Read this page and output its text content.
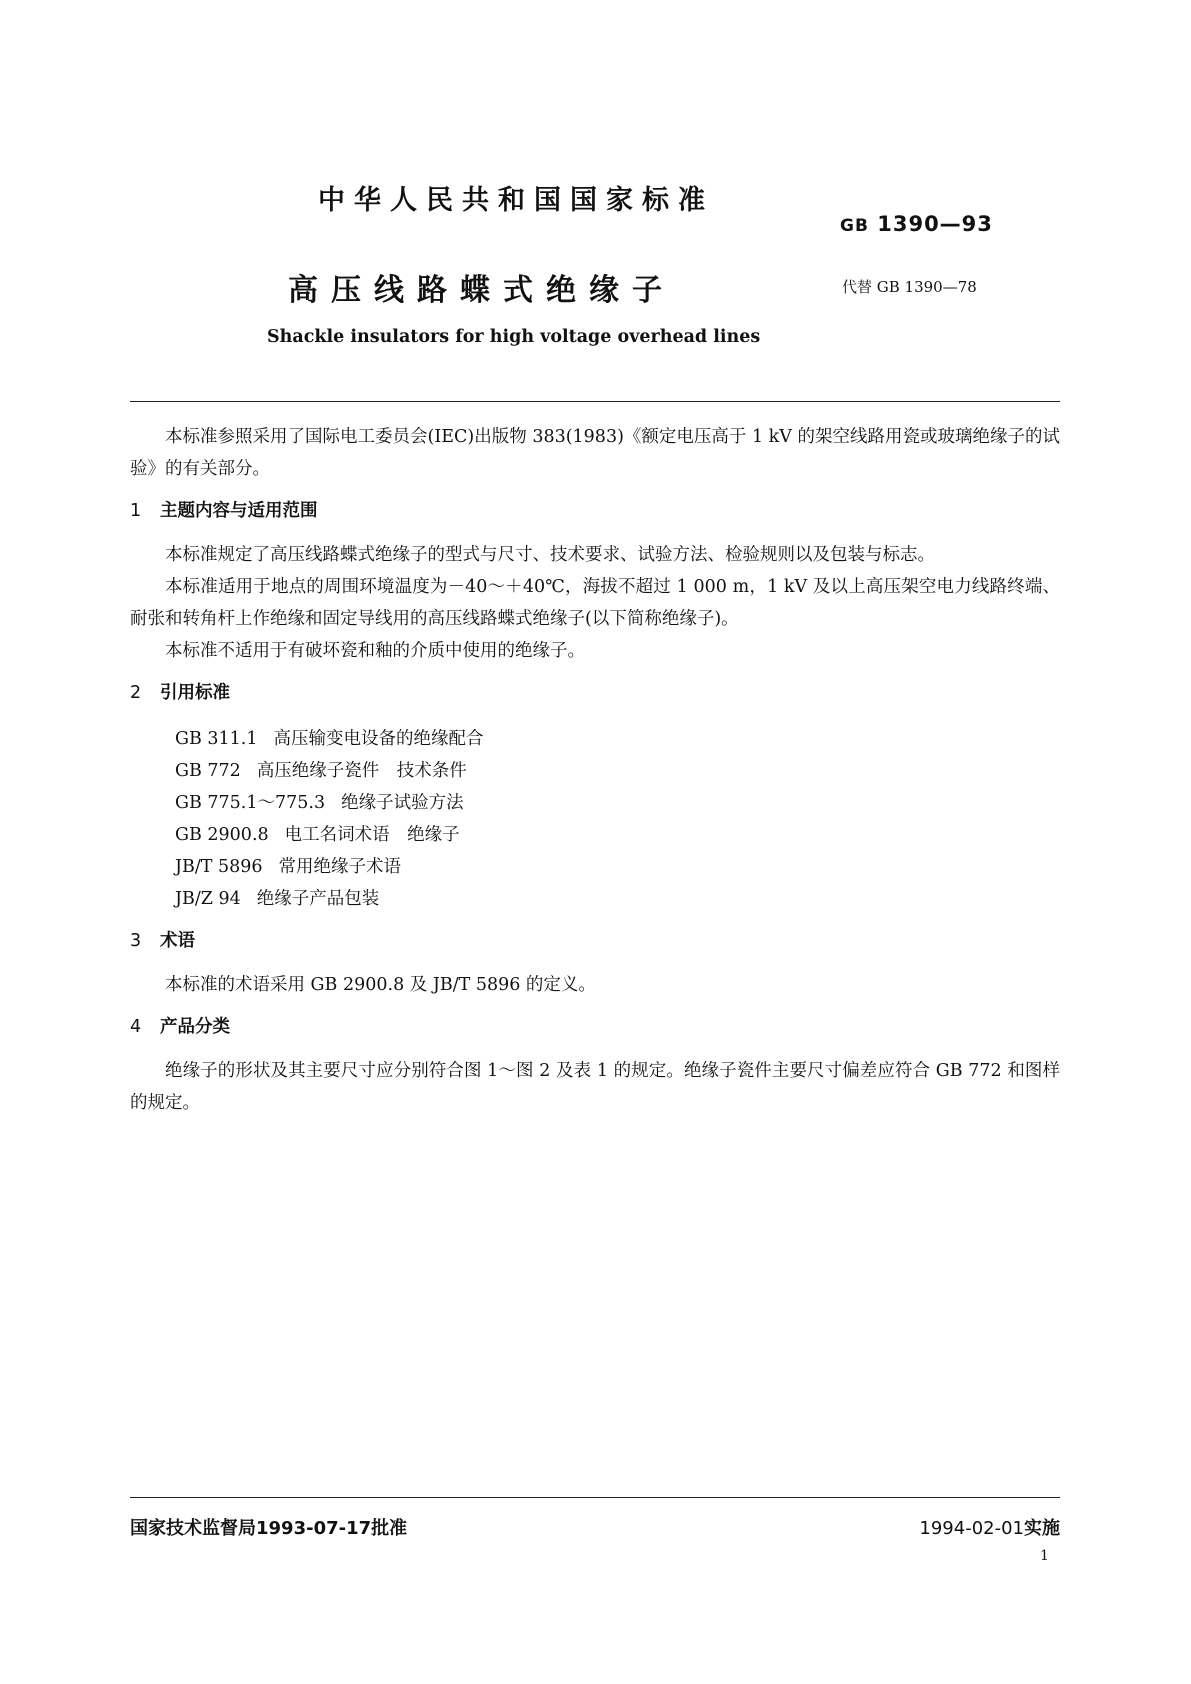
中华人民共和国国家标准
GB 1390—93
高压线路蝶式绝缘子	代替 GB 1390—78
Shackle insulators for high voltage overhead lines

本标准参照采用了国际电工委员会(IEC)出版物 383(1983)《额定电压高于 1 kV 的架空线路用瓷或玻璃绝缘子的试验》的有关部分。

1 主题内容与适用范围

本标准规定了高压线路蝶式绝缘子的型式与尺寸、技术要求、试验方法、检验规则以及包装与标志。

本标准适用于地点的周围环境温度为－40～＋40℃，海拔不超过 1 000 m，1 kV 及以上高压架空电力线路终端、耐张和转角杆上作绝缘和固定导线用的高压线路蝶式绝缘子(以下简称绝缘子)。

本标准不适用于有破坏瓷和釉的介质中使用的绝缘子。

2 引用标准
GB 311.1 高压输变电设备的绝缘配合
GB 772 高压绝缘子瓷件　技术条件
GB 775.1～775.3 绝缘子试验方法
GB 2900.8 电工名词术语　绝缘子
JB/T 5896 常用绝缘子术语
JB/Z 94 绝缘子产品包装
3 术语

本标准的术语采用 GB 2900.8 及 JB/T 5896 的定义。

4 产品分类

绝缘子的形状及其主要尺寸应分别符合图 1～图 2 及表 1 的规定。绝缘子瓷件主要尺寸偏差应符合 GB 772 和图样的规定。

国家技术监督局1993-07-17批准	1994-02-01实施
1
